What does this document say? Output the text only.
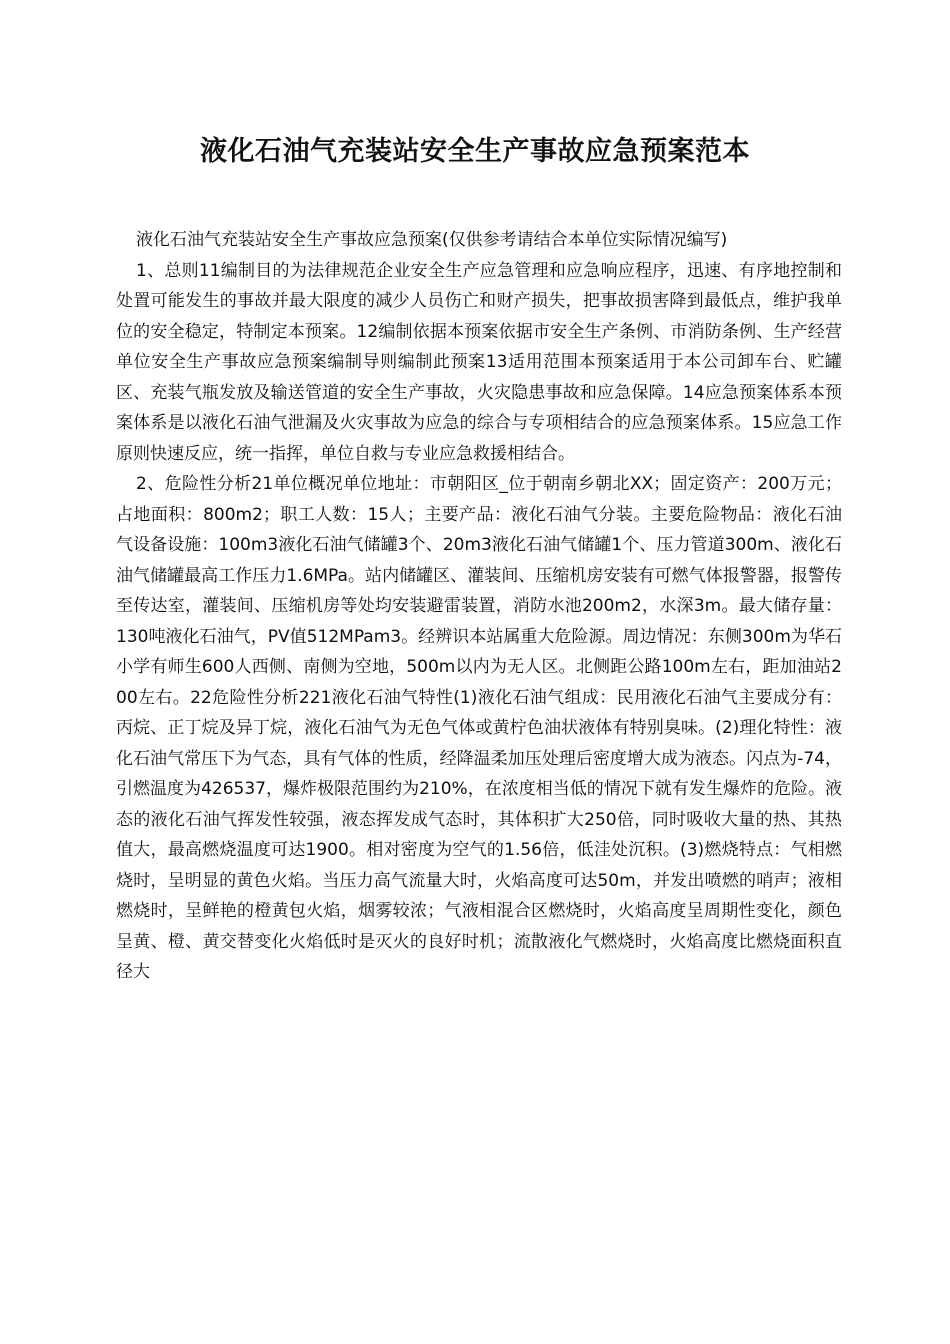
液化石油气充装站安全生产事故应急预案范本

液化石油气充装站安全生产事故应急预案(仅供参考请结合本单位实际情况编写)

1、总则11编制目的为法律规范企业安全生产应急管理和应急响应程序，迅速、有序地控制和处置可能发生的事故并最大限度的减少人员伤亡和财产损失，把事故损害降到最低点，维护我单位的安全稳定，特制定本预案。12编制依据本预案依据市安全生产条例、市消防条例、生产经营单位安全生产事故应急预案编制导则编制此预案13适用范围本预案适用于本公司卸车台、贮罐区、充装气瓶发放及输送管道的安全生产事故，火灾隐患事故和应急保障。14应急预案体系本预案体系是以液化石油气泄漏及火灾事故为应急的综合与专项相结合的应急预案体系。15应急工作原则快速反应，统一指挥，单位自救与专业应急救援相结合。

2、危险性分析21单位概况单位地址：市朝阳区_位于朝南乡朝北XX；固定资产：200万元；占地面积：800m2；职工人数：15人；主要产品：液化石油气分装。主要危险物品：液化石油气设备设施：100m3液化石油气储罐3个、20m3液化石油气储罐1个、压力管道300m、液化石油气储罐最高工作压力1.6MPa。站内储罐区、灌装间、压缩机房安装有可燃气体报警器，报警传至传达室，灌装间、压缩机房等处均安装避雷装置，消防水池200m2，水深3m。最大储存量：130吨液化石油气，PV值512MPam3。经辨识本站属重大危险源。周边情况：东侧300m为华石小学有师生600人西侧、南侧为空地，500m以内为无人区。北侧距公路100m左右，距加油站200左右。22危险性分析221液化石油气特性(1)液化石油气组成：民用液化石油气主要成分有：丙烷、正丁烷及异丁烷，液化石油气为无色气体或黄柠色油状液体有特别臭味。(2)理化特性：液化石油气常压下为气态，具有气体的性质，经降温柔加压处理后密度增大成为液态。闪点为-74，引燃温度为426537，爆炸极限范围约为210%，在浓度相当低的情况下就有发生爆炸的危险。液态的液化石油气挥发性较强，液态挥发成气态时，其体积扩大250倍，同时吸收大量的热、其热值大，最高燃烧温度可达1900。相对密度为空气的1.56倍，低洼处沉积。(3)燃烧特点：气相燃烧时，呈明显的黄色火焰。当压力高气流量大时，火焰高度可达50m，并发出喷燃的哨声；液相燃烧时，呈鲜艳的橙黄包火焰，烟雾较浓；气液相混合区燃烧时，火焰高度呈周期性变化，颜色呈黄、橙、黄交替变化火焰低时是灭火的良好时机；流散液化气燃烧时，火焰高度比燃烧面积直径大
